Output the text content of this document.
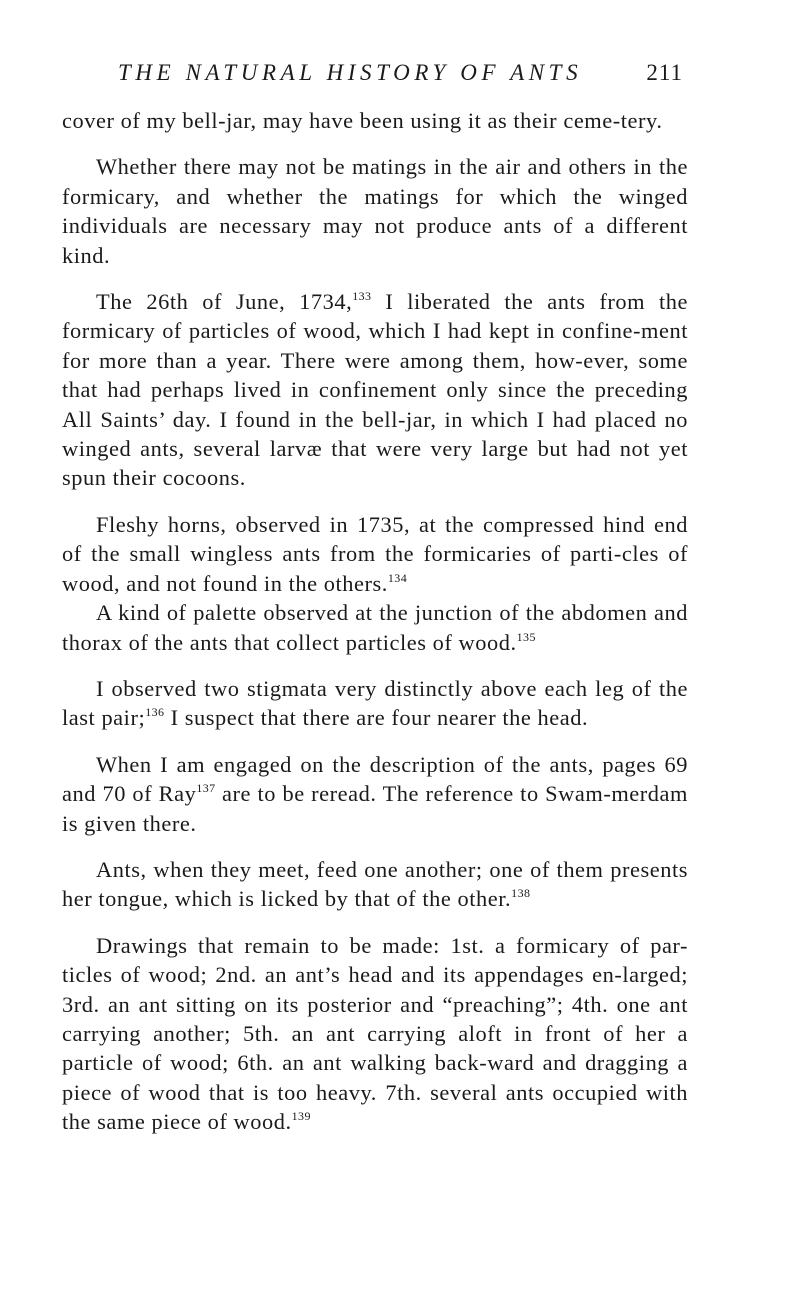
THE NATURAL HISTORY OF ANTS	211

cover of my bell-jar, may have been using it as their ceme-tery.

Whether there may not be matings in the air and others in the formicary, and whether the matings for which the winged individuals are necessary may not produce ants of a different kind.

The 26th of June, 1734,$^{133}$ I liberated the ants from the formicary of particles of wood, which I had kept in confine-ment for more than a year. There were among them, how-ever, some that had perhaps lived in confinement only since the preceding All Saints’ day. I found in the bell-jar, in which I had placed no winged ants, several larvæ that were very large but had not yet spun their cocoons.

Fleshy horns, observed in 1735, at the compressed hind end of the small wingless ants from the formicaries of parti-cles of wood, and not found in the others.$^{134}$

A kind of palette observed at the junction of the abdomen and thorax of the ants that collect particles of wood.$^{135}$

I observed two stigmata very distinctly above each leg of the last pair;$^{136}$ I suspect that there are four nearer the head.

When I am engaged on the description of the ants, pages 69 and 70 of Ray$^{137}$ are to be reread. The reference to Swam-merdam is given there.

Ants, when they meet, feed one another; one of them presents her tongue, which is licked by that of the other.$^{138}$

Drawings that remain to be made: 1st. a formicary of par-ticles of wood; 2nd. an ant’s head and its appendages en-larged; 3rd. an ant sitting on its posterior and “preaching”; 4th. one ant carrying another; 5th. an ant carrying aloft in front of her a particle of wood; 6th. an ant walking back-ward and dragging a piece of wood that is too heavy. 7th. several ants occupied with the same piece of wood.$^{139}$
